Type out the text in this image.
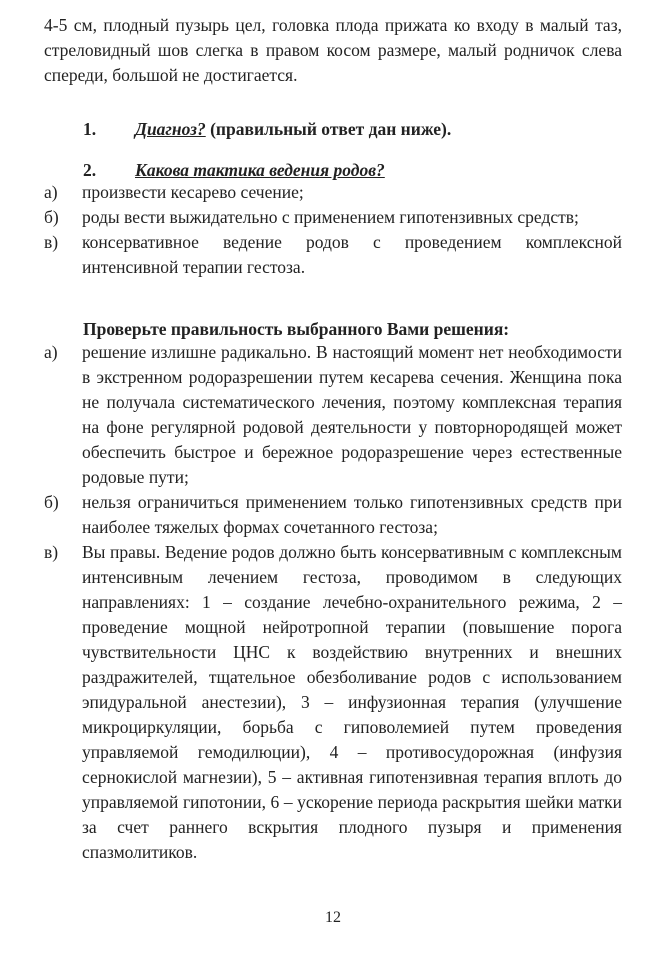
4-5 см, плодный пузырь цел, головка плода прижата ко входу в малый таз, стреловидный шов слегка в правом косом размере, малый родничок слева спереди, большой не достигается.
1. Диагноз? (правильный ответ дан ниже).
2. Какова тактика ведения родов?
а)	произвести кесарево сечение;
б)	роды вести выжидательно с применением гипотензивных средств;
в)	консервативное ведение родов с проведением комплексной интенсивной терапии гестоза.
Проверьте правильность выбранного Вами решения:
а)	решение излишне радикально. В настоящий момент нет необходимости в экстренном родоразрешении путем кесарева сечения. Женщина пока не получала систематического лечения, поэтому комплексная терапия на фоне регулярной родовой деятельности у повторнородящей может обеспечить быстрое и бережное родоразрешение через естественные родовые пути;
б)	нельзя ограничиться применением только гипотензивных средств при наиболее тяжелых формах сочетанного гестоза;
в)	Вы правы. Ведение родов должно быть консервативным с комплексным интенсивным лечением гестоза, проводимом в следующих направлениях: 1 – создание лечебно-охранительного режима, 2 – проведение мощной нейротропной терапии (повышение порога чувствительности ЦНС к воздействию внутренних и внешних раздражителей, тщательное обезболивание родов с использованием эпидуральной анестезии), 3 – инфузионная терапия (улучшение микроциркуляции, борьба с гиповолемией путем проведения управляемой гемодилюции), 4 – противосудорожная (инфузия сернокислой магнезии), 5 – активная гипотензивная терапия вплоть до управляемой гипотонии, 6 – ускорение периода раскрытия шейки матки за счет раннего вскрытия плодного пузыря и применения спазмолитиков.
12
